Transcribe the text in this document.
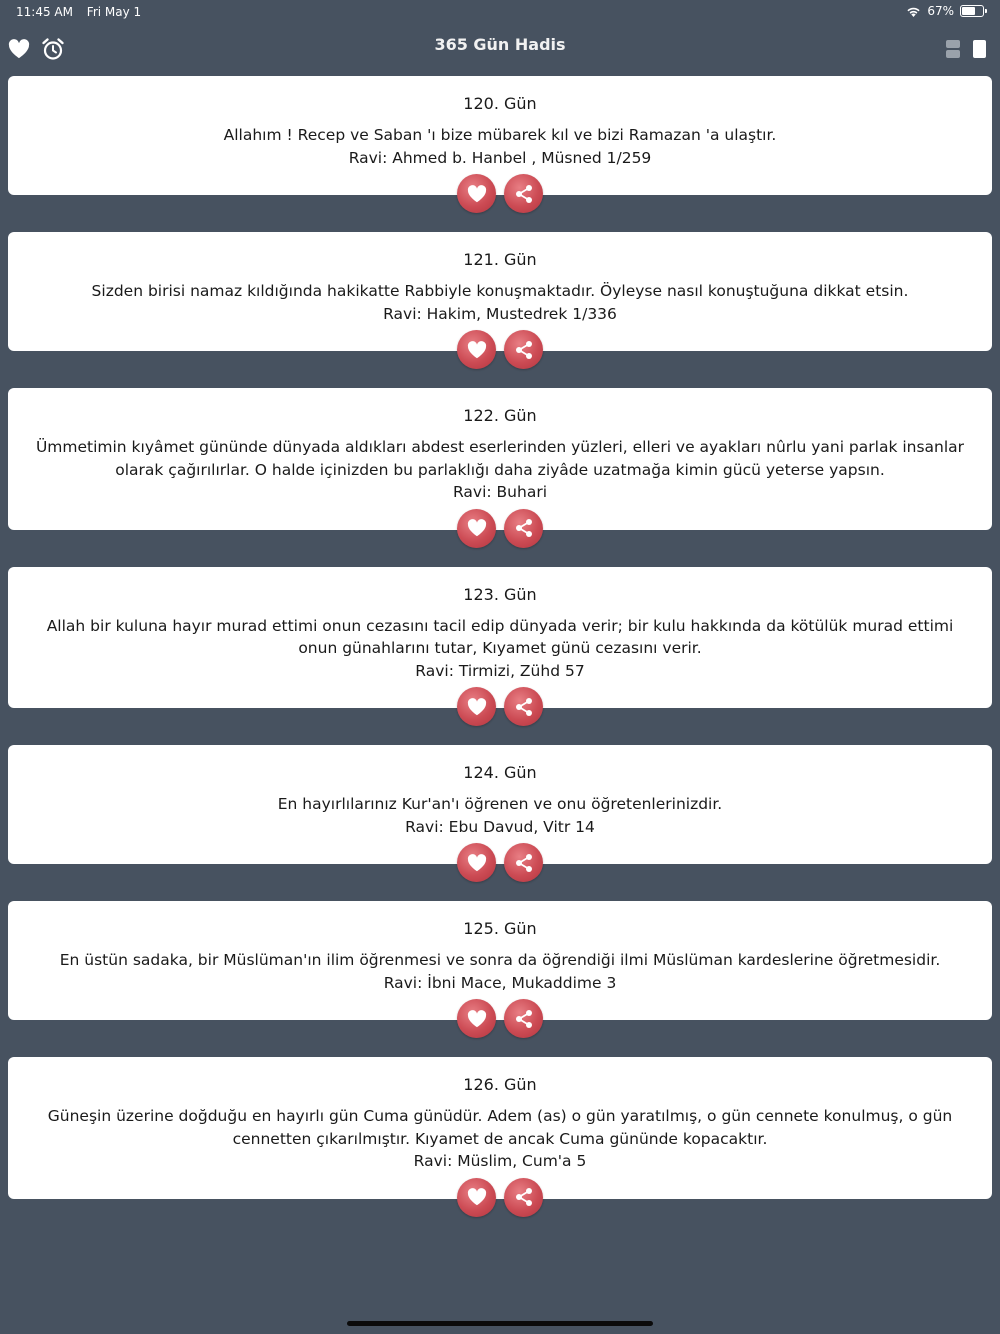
11:45 AM Fri May 1	67%
365 Gün Hadis
120. Gün
Allahım ! Recep ve Saban 'ı bize mübarek kıl ve bizi Ramazan 'a ulaştır.
Ravi: Ahmed b. Hanbel , Müsned 1/259
121. Gün
Sizden birisi namaz kıldığında hakikatte Rabbiyle konuşmaktadır. Öyleyse nasıl konuştuğuna dikkat etsin.
Ravi: Hakim, Mustedrek 1/336
122. Gün
Ümmetimin kıyâmet gününde dünyada aldıkları abdest eserlerinden yüzleri, elleri ve ayakları nûrlu yani parlak insanlar olarak çağırılırlar. O halde içinizden bu parlaklığı daha ziyâde uzatmağa kimin gücü yeterse yapsın.
Ravi: Buhari
123. Gün
Allah bir kuluna hayır murad ettimi onun cezasını tacil edip dünyada verir; bir kulu hakkında da kötülük murad ettimi onun günahlarını tutar, Kıyamet günü cezasını verir.
Ravi: Tirmizi, Zühd 57
124. Gün
En hayırlılarınız Kur'an'ı öğrenen ve onu öğretenlerinizdir.
Ravi: Ebu Davud, Vitr 14
125. Gün
En üstün sadaka, bir Müslüman'ın ilim öğrenmesi ve sonra da öğrendiği ilmi Müslüman kardeslerine öğretmesidir.
Ravi: İbni Mace, Mukaddime 3
126. Gün
Güneşin üzerine doğduğu en hayırlı gün Cuma günüdür. Adem (as) o gün yaratılmış, o gün cennete konulmuş, o gün cennetten çıkarılmıştır. Kıyamet de ancak Cuma gününde kopacaktır.
Ravi: Müslim, Cum'a 5
